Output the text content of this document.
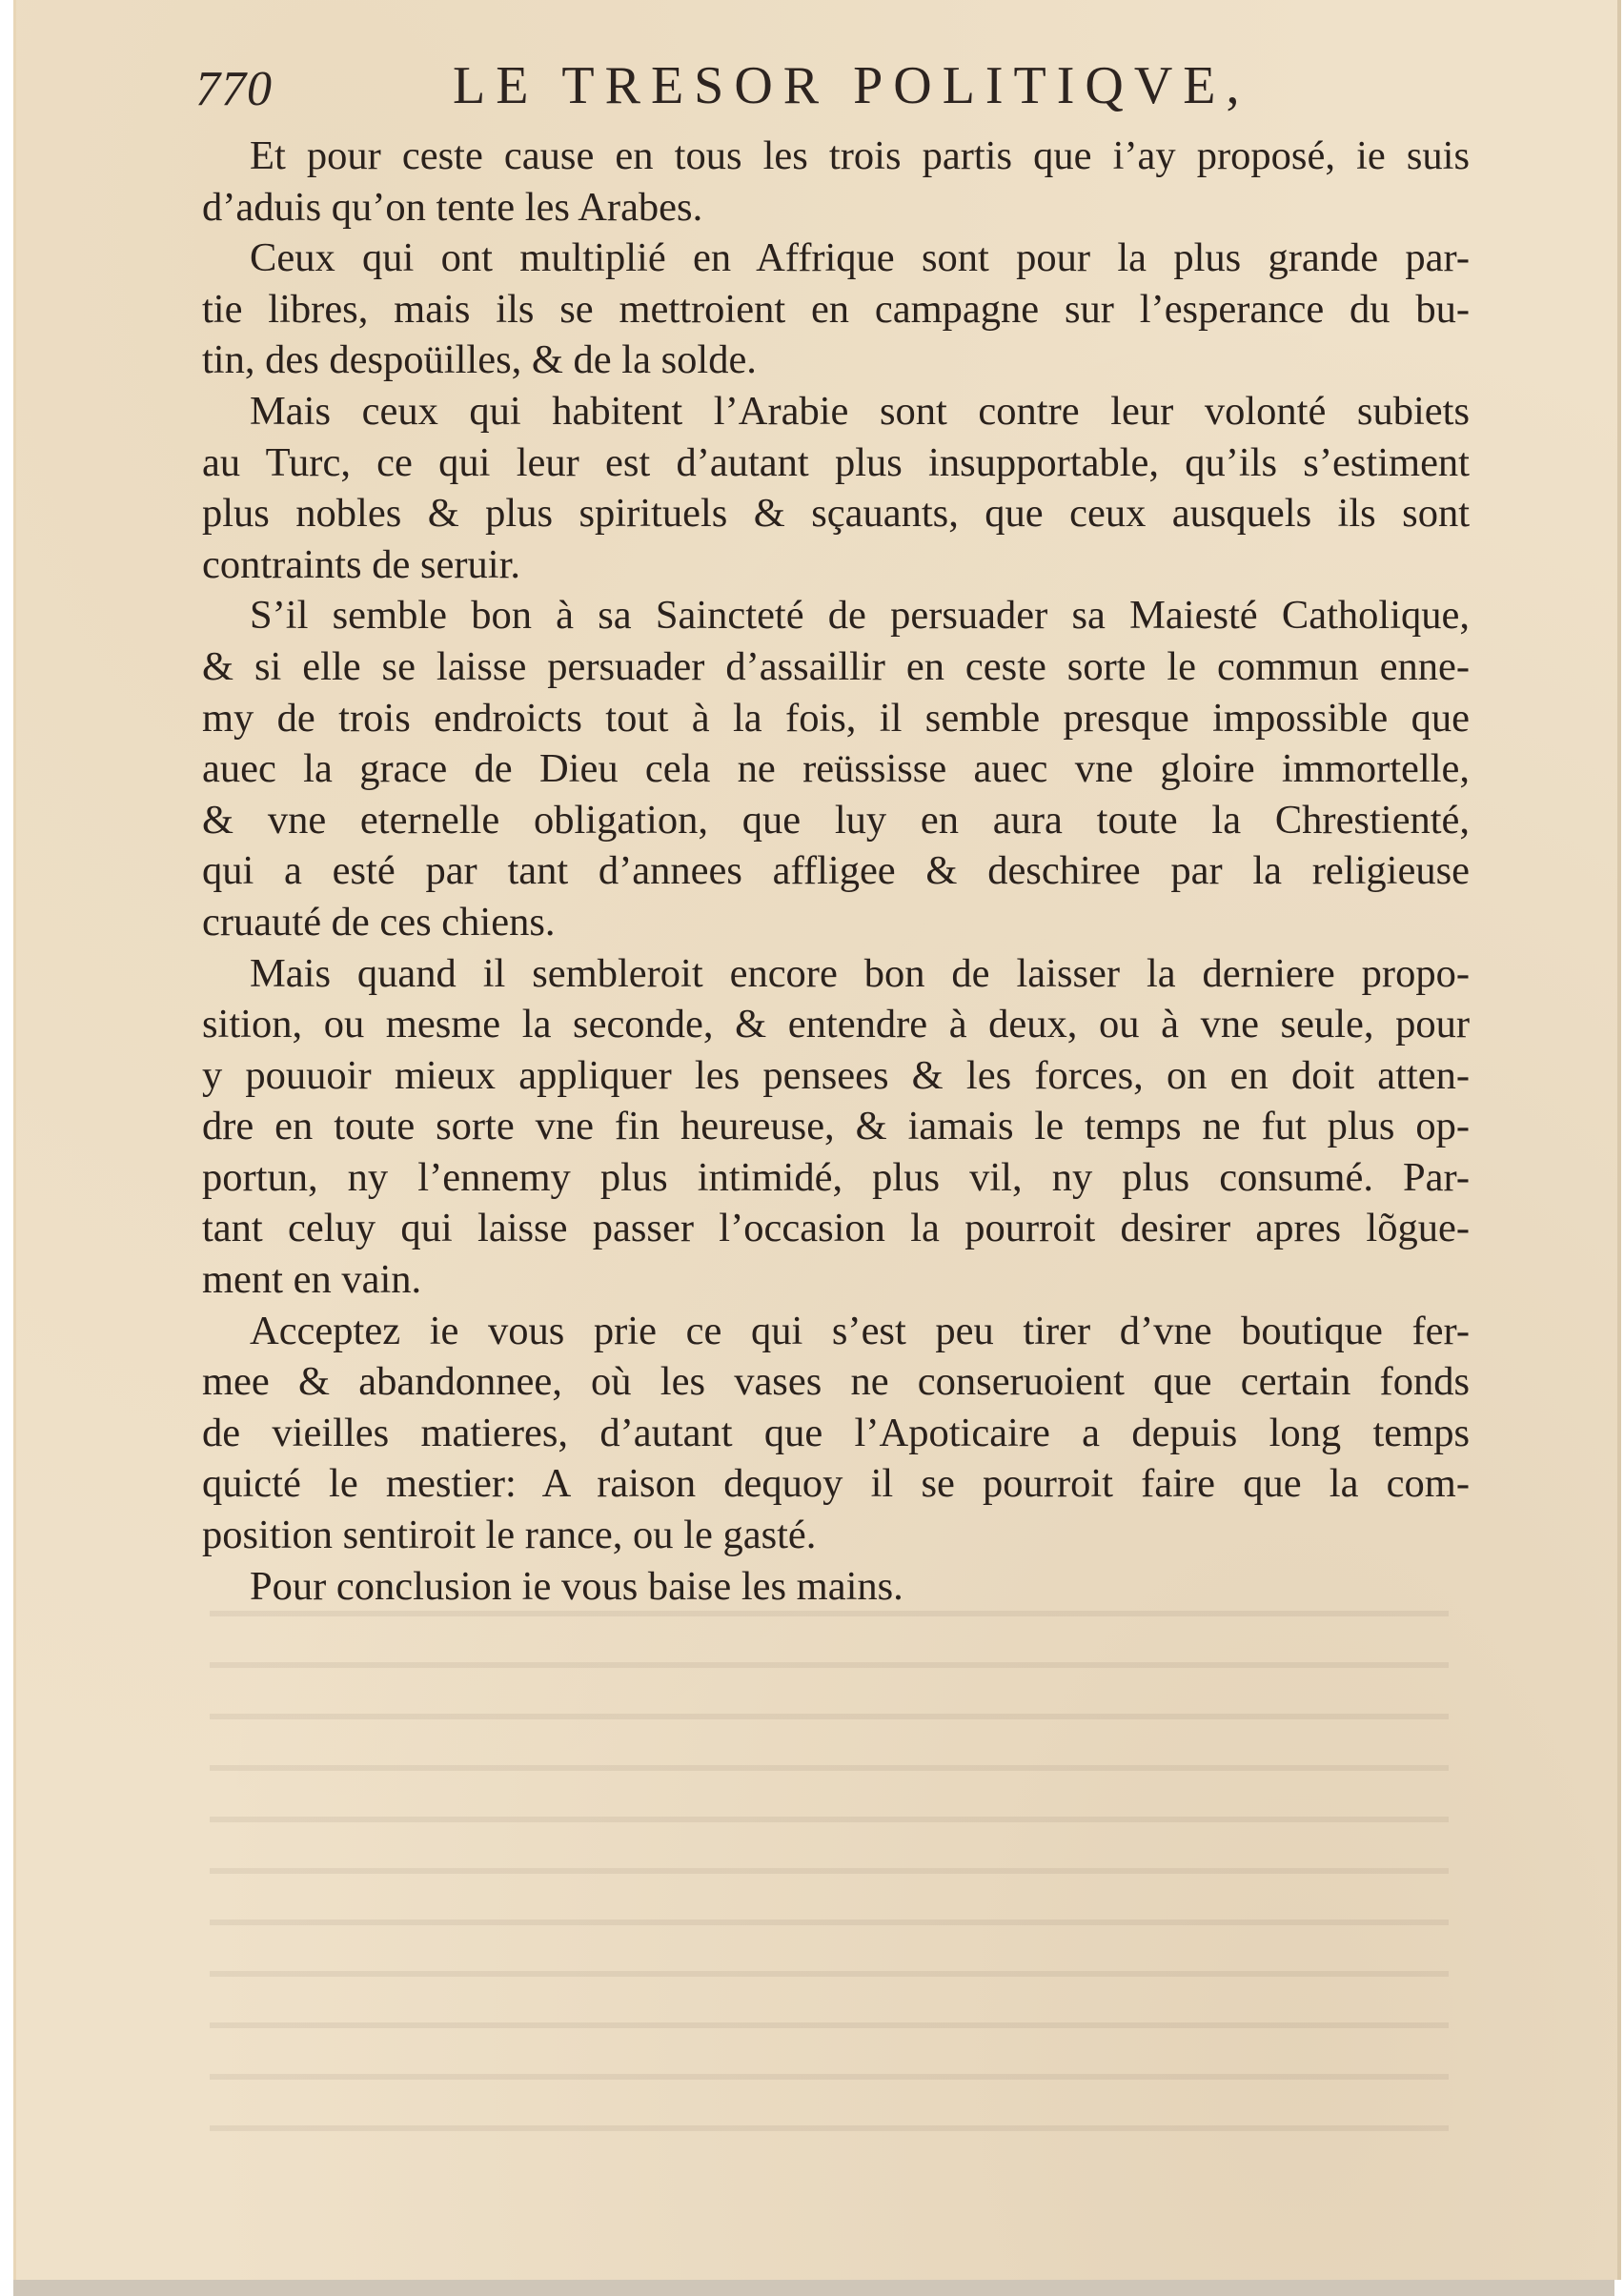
770	LE TRESOR POLITIQVE,
Et pour ceste cause en tous les trois partis que i’ay proposé, ie suis
d’aduis qu’on tente les Arabes.
Ceux qui ont multiplié en Affrique sont pour la plus grande par-
tie libres, mais ils se mettroient en campagne sur l’esperance du bu-
tin, des despoüilles, & de la solde.
Mais ceux qui habitent l’Arabie sont contre leur volonté subiets
au Turc, ce qui leur est d’autant plus insupportable, qu’ils s’estiment
plus nobles & plus spirituels & sçauants, que ceux ausquels ils sont
contraints de seruir.
S’il semble bon à sa Saincteté de persuader sa Maiesté Catholique,
& si elle se laisse persuader d’assaillir en ceste sorte le commun enne-
my de trois endroicts tout à la fois, il semble presque impossible que
auec la grace de Dieu cela ne reüssisse auec vne gloire immortelle,
& vne eternelle obligation, que luy en aura toute la Chrestienté,
qui a esté par tant d’annees affligee & deschiree par la religieuse
cruauté de ces chiens.
Mais quand il sembleroit encore bon de laisser la derniere propo-
sition, ou mesme la seconde, & entendre à deux, ou à vne seule, pour
y pouuoir mieux appliquer les pensees & les forces, on en doit atten-
dre en toute sorte vne fin heureuse, & iamais le temps ne fut plus op-
portun, ny l’ennemy plus intimidé, plus vil, ny plus consumé. Par-
tant celuy qui laisse passer l’occasion la pourroit desirer apres lõgue-
ment en vain.
Acceptez ie vous prie ce qui s’est peu tirer d’vne boutique fer-
mee & abandonnee, où les vases ne conseruoient que certain fonds
de vieilles matieres, d’autant que l’Apoticaire a depuis long temps
quicté le mestier: A raison dequoy il se pourroit faire que la com-
position sentiroit le rance, ou le gasté.
Pour conclusion ie vous baise les mains.
